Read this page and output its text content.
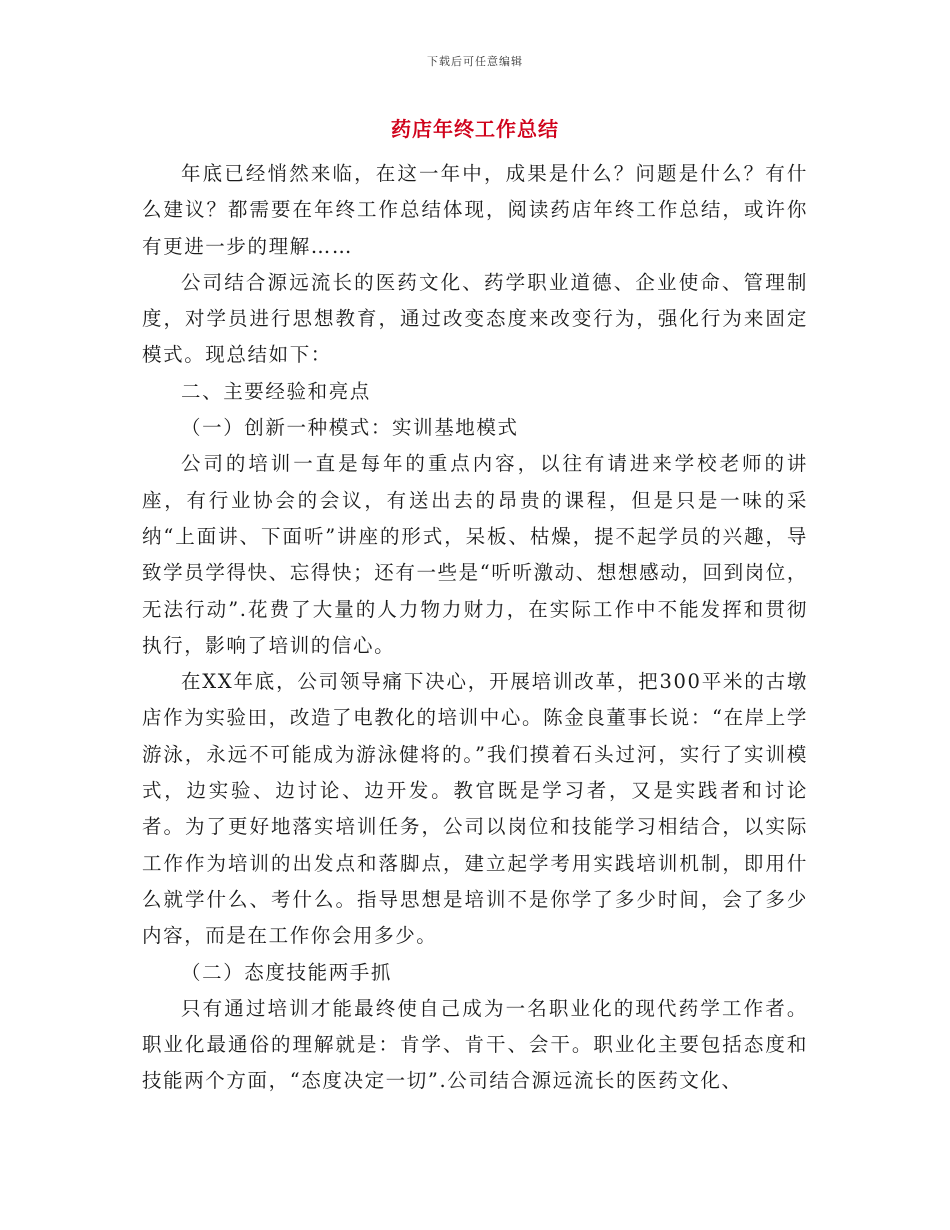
下载后可任意编辑
药店年终工作总结

年底已经悄然来临，在这一年中，成果是什么？问题是什么？有什么建议？都需要在年终工作总结体现，阅读药店年终工作总结，或许你有更进一步的理解……

公司结合源远流长的医药文化、药学职业道德、企业使命、管理制度，对学员进行思想教育，通过改变态度来改变行为，强化行为来固定模式。现总结如下：

二、主要经验和亮点

（一）创新一种模式：实训基地模式

公司的培训一直是每年的重点内容，以往有请进来学校老师的讲座，有行业协会的会议，有送出去的昂贵的课程，但是只是一味的采纳“上面讲、下面听”讲座的形式，呆板、枯燥，提不起学员的兴趣，导致学员学得快、忘得快；还有一些是“听听激动、想想感动，回到岗位，无法行动”.花费了大量的人力物力财力，在实际工作中不能发挥和贯彻执行，影响了培训的信心。

在XX年底，公司领导痛下决心，开展培训改革，把300平米的古墩店作为实验田，改造了电教化的培训中心。陈金良董事长说：“在岸上学游泳，永远不可能成为游泳健将的。”我们摸着石头过河，实行了实训模式，边实验、边讨论、边开发。教官既是学习者，又是实践者和讨论者。为了更好地落实培训任务，公司以岗位和技能学习相结合，以实际工作作为培训的出发点和落脚点，建立起学考用实践培训机制，即用什么就学什么、考什么。指导思想是培训不是你学了多少时间，会了多少内容，而是在工作你会用多少。

（二）态度技能两手抓

只有通过培训才能最终使自己成为一名职业化的现代药学工作者。职业化最通俗的理解就是：肯学、肯干、会干。职业化主要包括态度和技能两个方面，“态度决定一切”.公司结合源远流长的医药文化、
